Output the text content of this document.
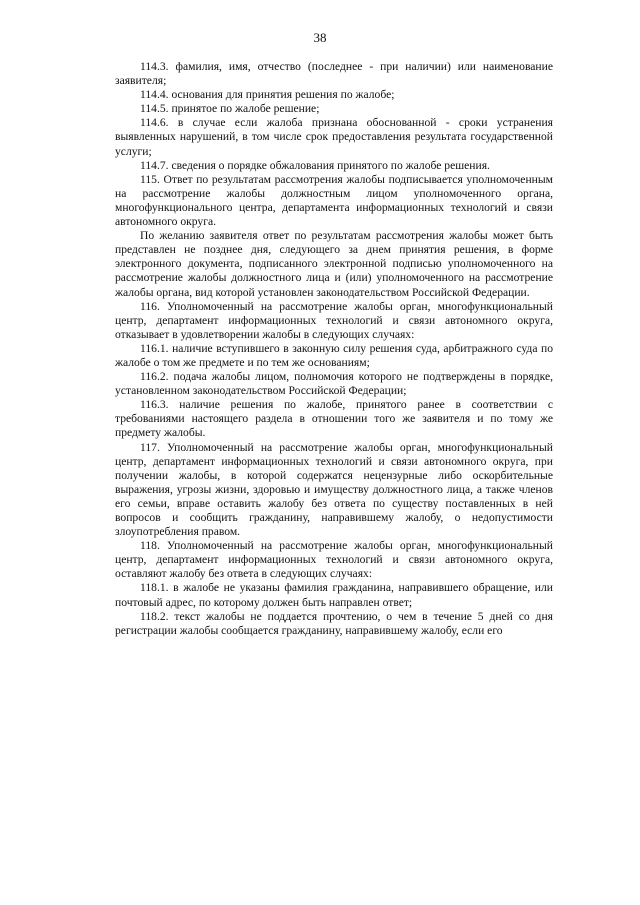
38

114.3. фамилия, имя, отчество (последнее - при наличии) или наименование заявителя;

114.4. основания для принятия решения по жалобе;

114.5. принятое по жалобе решение;

114.6. в случае если жалоба признана обоснованной - сроки устранения выявленных нарушений, в том числе срок предоставления результата государственной услуги;

114.7. сведения о порядке обжалования принятого по жалобе решения.

115. Ответ по результатам рассмотрения жалобы подписывается уполномоченным на рассмотрение жалобы должностным лицом уполномоченного органа, многофункционального центра, департамента информационных технологий и связи автономного округа.

По желанию заявителя ответ по результатам рассмотрения жалобы может быть представлен не позднее дня, следующего за днем принятия решения, в форме электронного документа, подписанного электронной подписью уполномоченного на рассмотрение жалобы должностного лица и (или) уполномоченного на рассмотрение жалобы органа, вид которой установлен законодательством Российской Федерации.

116. Уполномоченный на рассмотрение жалобы орган, многофункциональный центр, департамент информационных технологий и связи автономного округа, отказывает в удовлетворении жалобы в следующих случаях:

116.1. наличие вступившего в законную силу решения суда, арбитражного суда по жалобе о том же предмете и по тем же основаниям;

116.2. подача жалобы лицом, полномочия которого не подтверждены в порядке, установленном законодательством Российской Федерации;

116.3. наличие решения по жалобе, принятого ранее в соответствии с требованиями настоящего раздела в отношении того же заявителя и по тому же предмету жалобы.

117. Уполномоченный на рассмотрение жалобы орган, многофункциональный центр, департамент информационных технологий и связи автономного округа, при получении жалобы, в которой содержатся нецензурные либо оскорбительные выражения, угрозы жизни, здоровью и имуществу должностного лица, а также членов его семьи, вправе оставить жалобу без ответа по существу поставленных в ней вопросов и сообщить гражданину, направившему жалобу, о недопустимости злоупотребления правом.

118. Уполномоченный на рассмотрение жалобы орган, многофункциональный центр, департамент информационных технологий и связи автономного округа, оставляют жалобу без ответа в следующих случаях:

118.1. в жалобе не указаны фамилия гражданина, направившего обращение, или почтовый адрес, по которому должен быть направлен ответ;

118.2. текст жалобы не поддается прочтению, о чем в течение 5 дней со дня регистрации жалобы сообщается гражданину, направившему жалобу, если его
